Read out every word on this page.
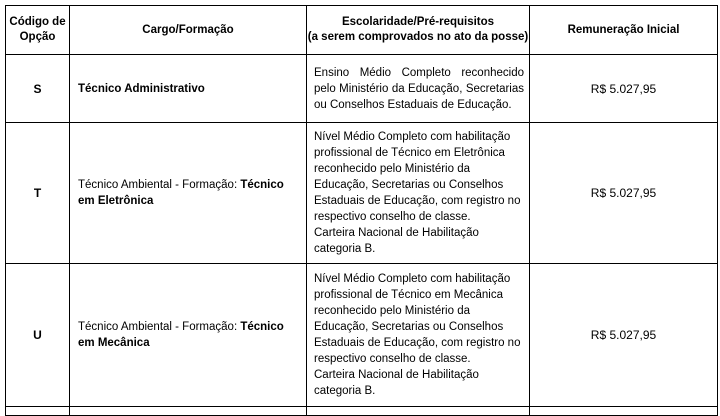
Código de Opção	Cargo/Formação	Escolaridade/Pré-requisitos
(a serem comprovados no ato da posse)	Remuneração Inicial
S	Técnico Administrativo	Ensino Médio Completo reconhecido pelo Ministério da Educação, Secretarias ou Conselhos Estaduais de Educação.	R$ 5.027,95
T	Técnico Ambiental - Formação: Técnico em Eletrônica	Nível Médio Completo com habilitação profissional de Técnico em Eletrônica reconhecido pelo Ministério da Educação, Secretarias ou Conselhos Estaduais de Educação, com registro no respectivo conselho de classe.
Carteira Nacional de Habilitação categoria B.	R$ 5.027,95
U	Técnico Ambiental - Formação: Técnico em Mecânica	Nível Médio Completo com habilitação profissional de Técnico em Mecânica reconhecido pelo Ministério da Educação, Secretarias ou Conselhos Estaduais de Educação, com registro no respectivo conselho de classe.
Carteira Nacional de Habilitação categoria B.	R$ 5.027,95
